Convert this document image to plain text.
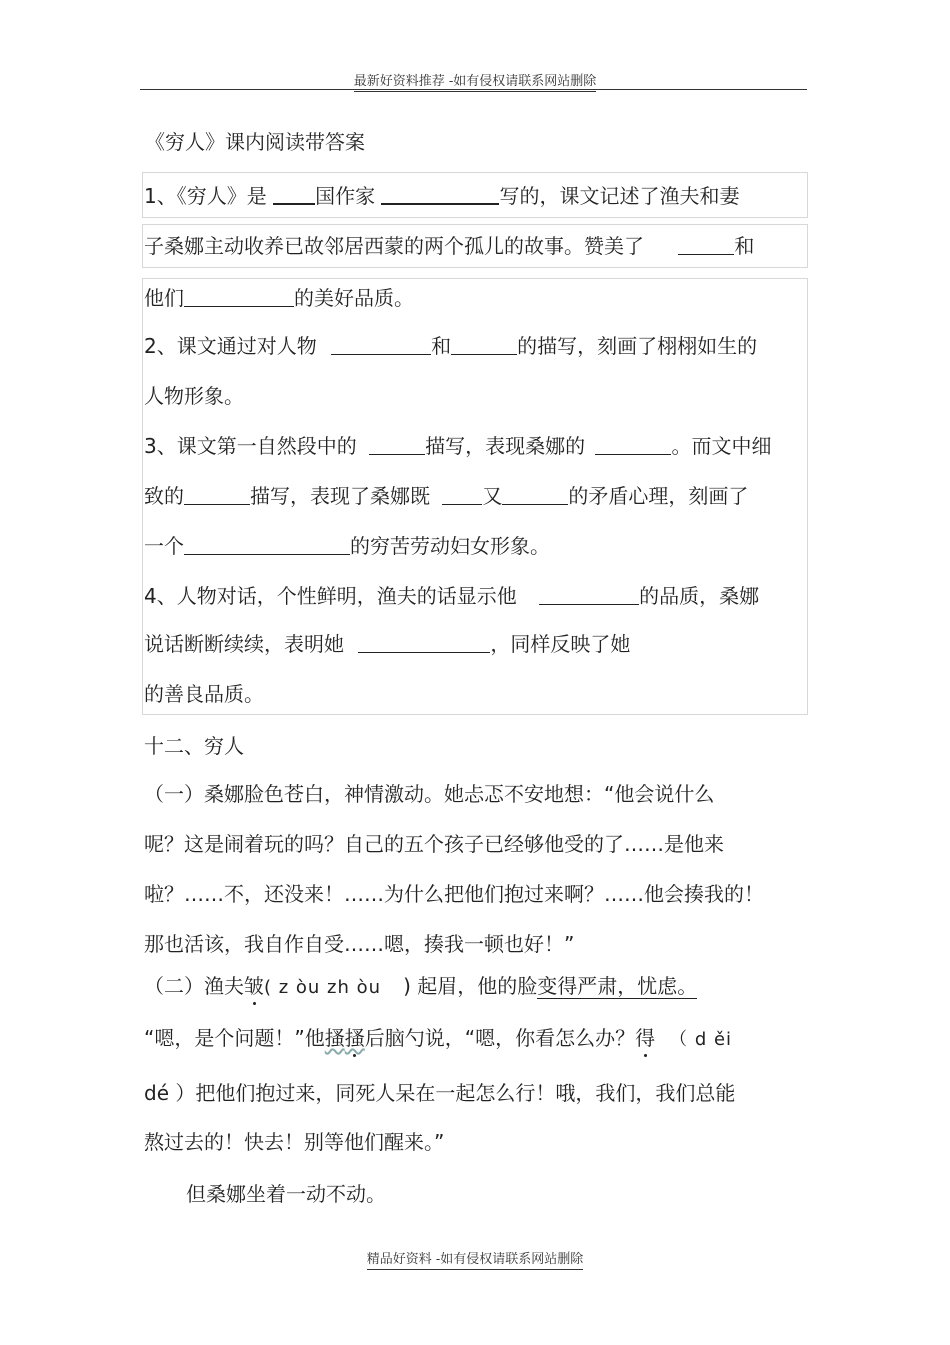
最新好资料推荐 -如有侵权请联系网站删除
《穷人》课内阅读带答案
1、《穷人》是 国作家	写的，课文记述了渔夫和妻
子桑娜主动收养已故邻居西蒙的两个孤儿的故事。赞美了	和
他们	的美好品质。
2、课文通过对人物	和	的描写，刻画了栩栩如生的
人物形象。
3、课文第一自然段中的	描写，表现桑娜的	。而文中细
致的	描写，表现了桑娜既	又	的矛盾心理，刻画了
一个	的穷苦劳动妇女形象。
4、人物对话，个性鲜明，渔夫的话显示他	的品质，桑娜
说话断断续续，表明她	，同样反映了她
的善良品质。
十二、穷人
（一）桑娜脸色苍白，神情激动。她忐忑不安地想：“他会说什么
呢？这是闹着玩的吗？自己的五个孩子已经够他受的了……是他来
啦？……不，还没来！……为什么把他们抱过来啊？……他会揍我的！
那也活该，我自作自受……嗯，揍我一顿也好！”
（二）渔夫皱( z òu zh òu ) 起眉，他的脸变得严肃，忧虑。
“嗯，是个问题！”他搔搔后脑勺说，“嗯，你看怎么办？得 （ d ěi
dé ）把他们抱过来，同死人呆在一起怎么行！哦，我们，我们总能
熬过去的！快去！别等他们醒来。”
但桑娜坐着一动不动。
精品好资料 -如有侵权请联系网站删除
